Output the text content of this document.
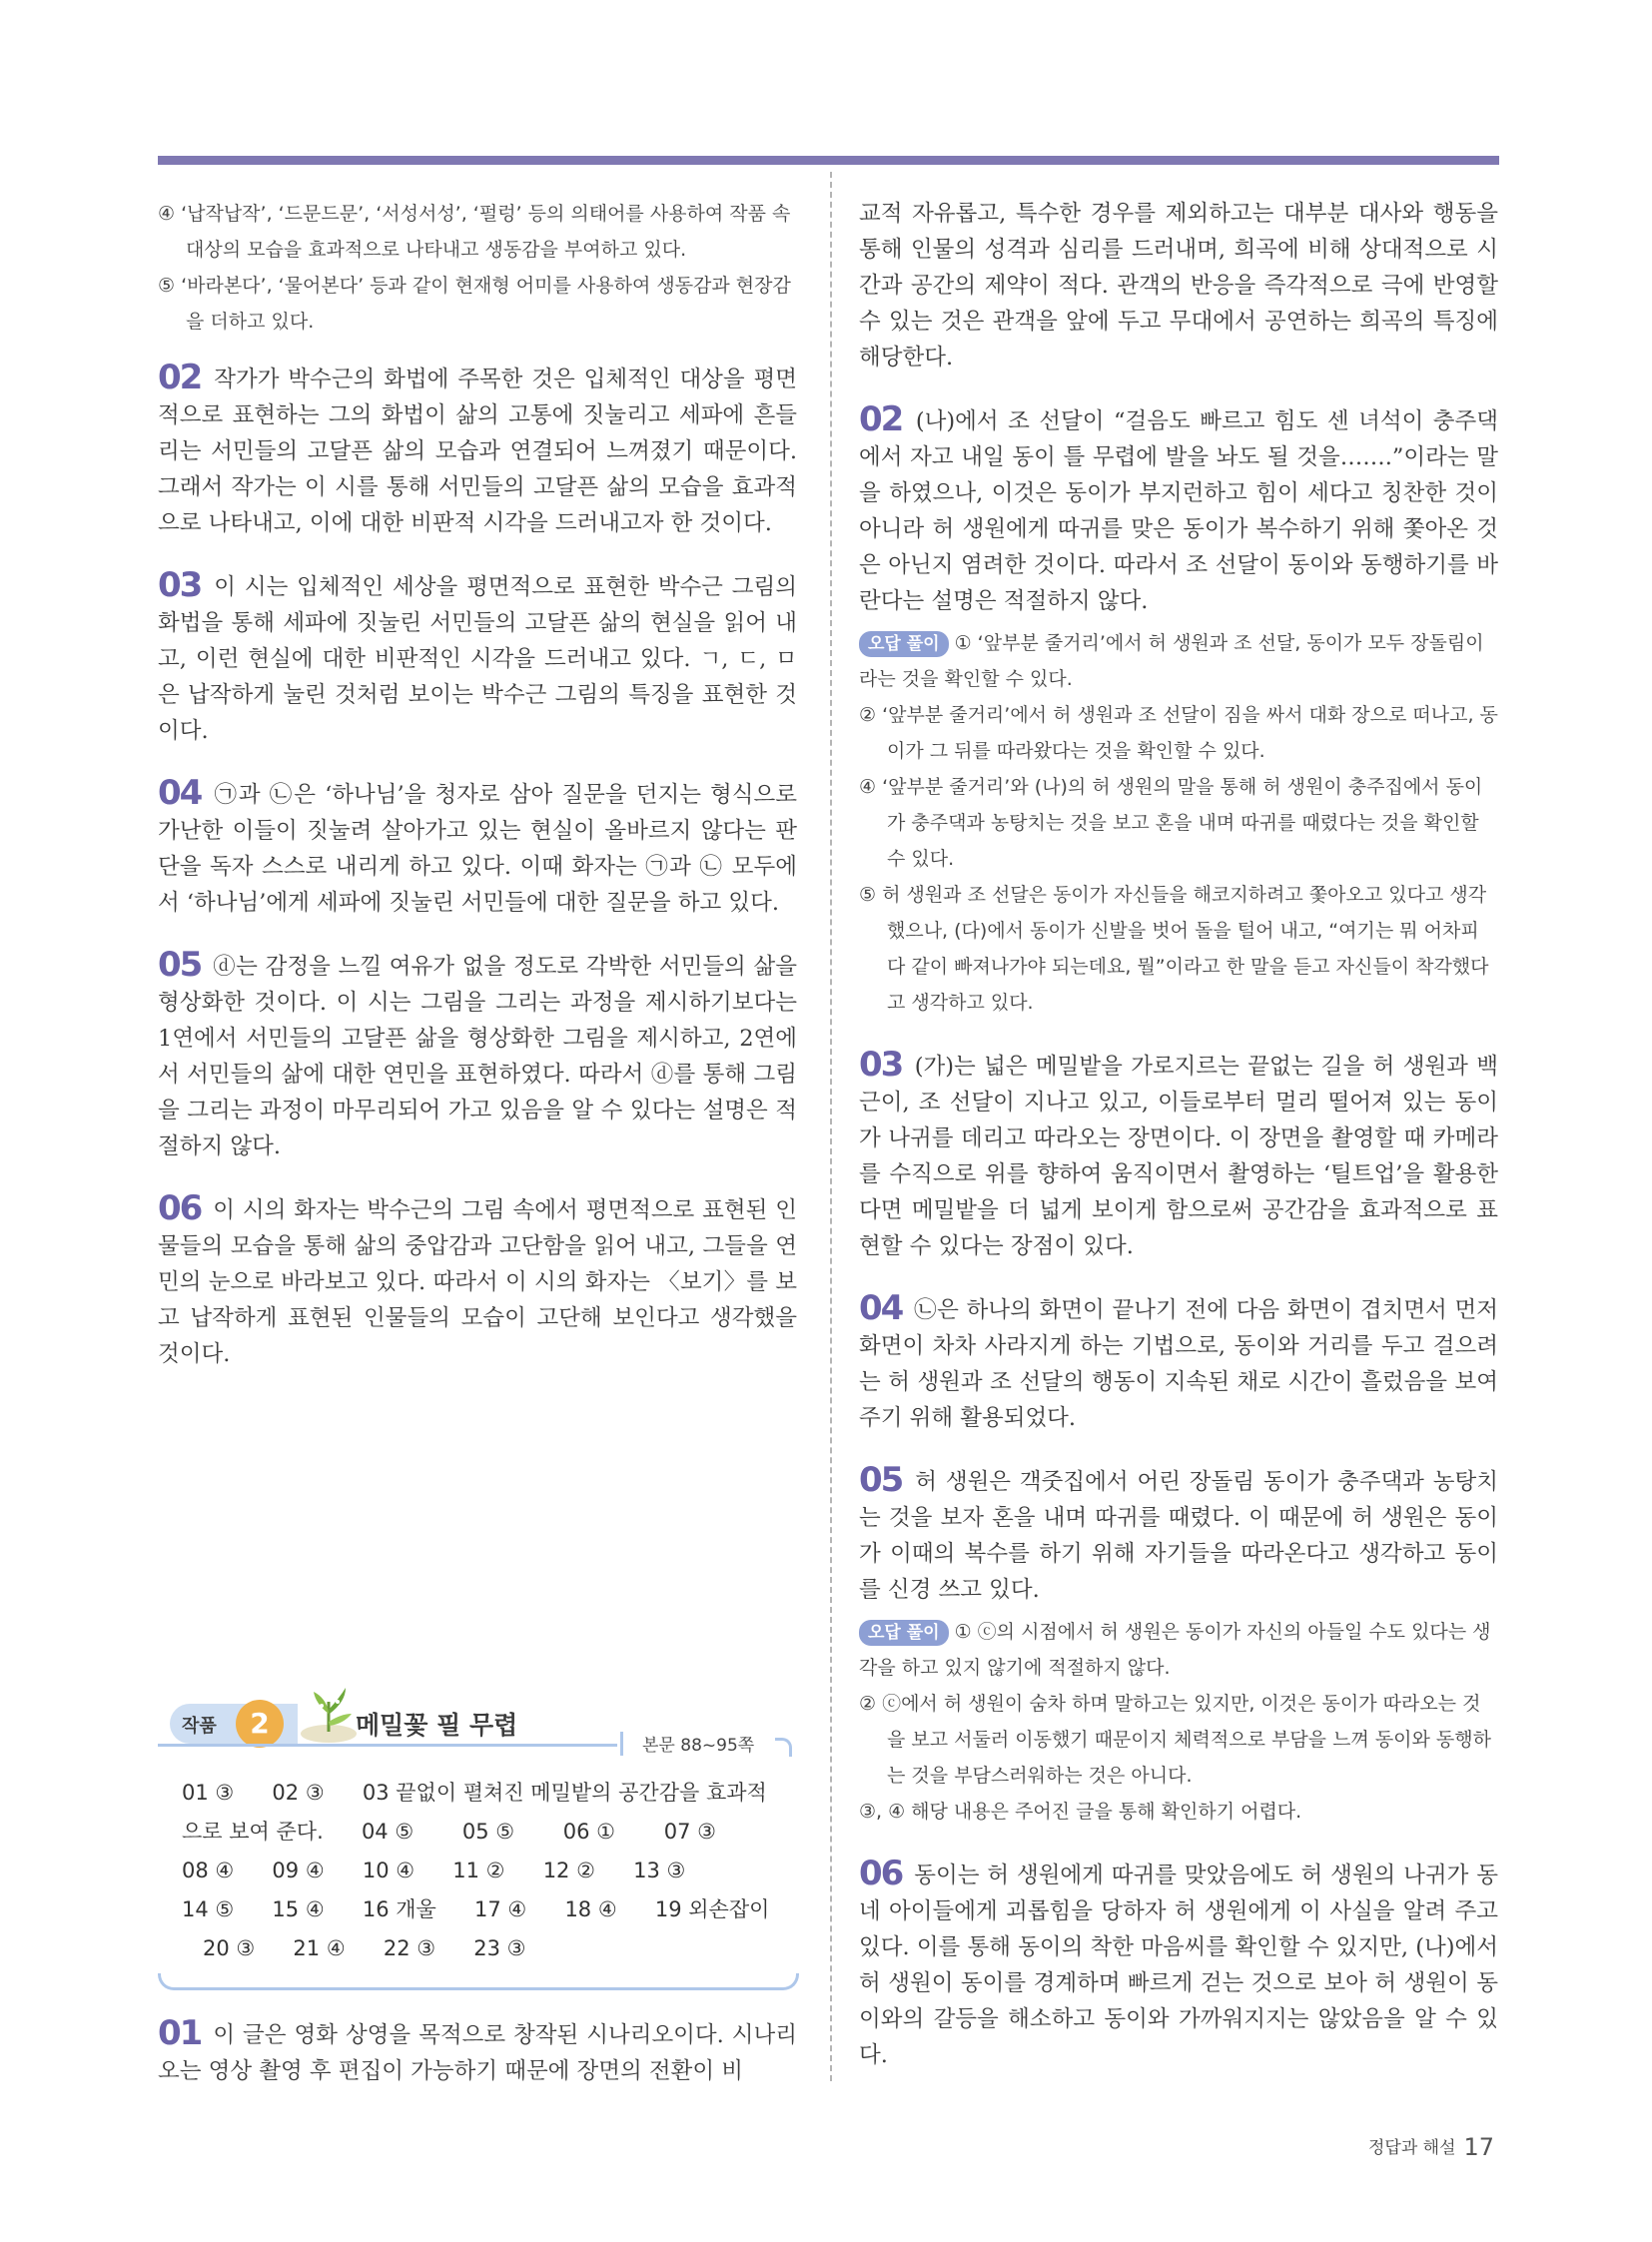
④ ‘납작납작’, ‘드문드문’, ‘서성서성’, ‘펄렁’ 등의 의태어를 사용하여 작품 속 대상의 모습을 효과적으로 나타내고 생동감을 부여하고 있다.

⑤ ‘바라본다’, ‘물어본다’ 등과 같이 현재형 어미를 사용하여 생동감과 현장감을 더하고 있다.

02 작가가 박수근의 화법에 주목한 것은 입체적인 대상을 평면적으로 표현하는 그의 화법이 삶의 고통에 짓눌리고 세파에 흔들리는 서민들의 고달픈 삶의 모습과 연결되어 느껴졌기 때문이다. 그래서 작가는 이 시를 통해 서민들의 고달픈 삶의 모습을 효과적으로 나타내고, 이에 대한 비판적 시각을 드러내고자 한 것이다.

03 이 시는 입체적인 세상을 평면적으로 표현한 박수근 그림의 화법을 통해 세파에 짓눌린 서민들의 고달픈 삶의 현실을 읽어 내고, 이런 현실에 대한 비판적인 시각을 드러내고 있다. ㄱ, ㄷ, ㅁ은 납작하게 눌린 것처럼 보이는 박수근 그림의 특징을 표현한 것이다.

04 ㉠과 ㉡은 ‘하나님’을 청자로 삼아 질문을 던지는 형식으로 가난한 이들이 짓눌려 살아가고 있는 현실이 올바르지 않다는 판단을 독자 스스로 내리게 하고 있다. 이때 화자는 ㉠과 ㉡ 모두에서 ‘하나님’에게 세파에 짓눌린 서민들에 대한 질문을 하고 있다.

05 ⓓ는 감정을 느낄 여유가 없을 정도로 각박한 서민들의 삶을 형상화한 것이다. 이 시는 그림을 그리는 과정을 제시하기보다는 1연에서 서민들의 고달픈 삶을 형상화한 그림을 제시하고, 2연에서 서민들의 삶에 대한 연민을 표현하였다. 따라서 ⓓ를 통해 그림을 그리는 과정이 마무리되어 가고 있음을 알 수 있다는 설명은 적절하지 않다.

06 이 시의 화자는 박수근의 그림 속에서 평면적으로 표현된 인물들의 모습을 통해 삶의 중압감과 고단함을 읽어 내고, 그들을 연민의 눈으로 바라보고 있다. 따라서 이 시의 화자는 〈보기〉를 보고 납작하게 표현된 인물들의 모습이 고단해 보인다고 생각했을 것이다.

작품	2	메밀꽃 필 무렵
본문 88~95쪽
01 ③   02 ③   03 끝없이 펼쳐진 메밀밭의 공간감을 효과적으로 보여 준다.    04 ⑤   05 ⑤   06 ①   07 ③
08 ④   09 ④   10 ④   11 ②   12 ②   13 ③
14 ⑤   15 ④   16 개울   17 ④   18 ④   19 외손잡이  20 ③   21 ④   22 ③   23 ③

01 이 글은 영화 상영을 목적으로 창작된 시나리오이다. 시나리오는 영상 촬영 후 편집이 가능하기 때문에 장면의 전환이 비

교적 자유롭고, 특수한 경우를 제외하고는 대부분 대사와 행동을 통해 인물의 성격과 심리를 드러내며, 희곡에 비해 상대적으로 시간과 공간의 제약이 적다. 관객의 반응을 즉각적으로 극에 반영할 수 있는 것은 관객을 앞에 두고 무대에서 공연하는 희곡의 특징에 해당한다.

02 (나)에서 조 선달이 “걸음도 빠르고 힘도 센 녀석이 충주댁에서 자고 내일 동이 틀 무렵에 발을 놔도 될 것을…….”이라는 말을 하였으나, 이것은 동이가 부지런하고 힘이 세다고 칭찬한 것이 아니라 허 생원에게 따귀를 맞은 동이가 복수하기 위해 쫓아온 것은 아닌지 염려한 것이다. 따라서 조 선달이 동이와 동행하기를 바란다는 설명은 적절하지 않다.

오답 풀이 ① ‘앞부분 줄거리’에서 허 생원과 조 선달, 동이가 모두 장돌림이라는 것을 확인할 수 있다.

② ‘앞부분 줄거리’에서 허 생원과 조 선달이 짐을 싸서 대화 장으로 떠나고, 동이가 그 뒤를 따라왔다는 것을 확인할 수 있다.

④ ‘앞부분 줄거리’와 (나)의 허 생원의 말을 통해 허 생원이 충주집에서 동이가 충주댁과 농탕치는 것을 보고 혼을 내며 따귀를 때렸다는 것을 확인할 수 있다.

⑤ 허 생원과 조 선달은 동이가 자신들을 해코지하려고 쫓아오고 있다고 생각했으나, (다)에서 동이가 신발을 벗어 돌을 털어 내고, “여기는 뭐 어차피 다 같이 빠져나가야 되는데요, 뭘”이라고 한 말을 듣고 자신들이 착각했다고 생각하고 있다.

03 (가)는 넓은 메밀밭을 가로지르는 끝없는 길을 허 생원과 백근이, 조 선달이 지나고 있고, 이들로부터 멀리 떨어져 있는 동이가 나귀를 데리고 따라오는 장면이다. 이 장면을 촬영할 때 카메라를 수직으로 위를 향하여 움직이면서 촬영하는 ‘틸트업’을 활용한다면 메밀밭을 더 넓게 보이게 함으로써 공간감을 효과적으로 표현할 수 있다는 장점이 있다.

04 ㉡은 하나의 화면이 끝나기 전에 다음 화면이 겹치면서 먼저 화면이 차차 사라지게 하는 기법으로, 동이와 거리를 두고 걸으려는 허 생원과 조 선달의 행동이 지속된 채로 시간이 흘렀음을 보여 주기 위해 활용되었다.

05 허 생원은 객줏집에서 어린 장돌림 동이가 충주댁과 농탕치는 것을 보자 혼을 내며 따귀를 때렸다. 이 때문에 허 생원은 동이가 이때의 복수를 하기 위해 자기들을 따라온다고 생각하고 동이를 신경 쓰고 있다.

오답 풀이 ① ⓒ의 시점에서 허 생원은 동이가 자신의 아들일 수도 있다는 생각을 하고 있지 않기에 적절하지 않다.

② ⓒ에서 허 생원이 숨차 하며 말하고는 있지만, 이것은 동이가 따라오는 것을 보고 서둘러 이동했기 때문이지 체력적으로 부담을 느껴 동이와 동행하는 것을 부담스러워하는 것은 아니다.

③, ④ 해당 내용은 주어진 글을 통해 확인하기 어렵다.

06 동이는 허 생원에게 따귀를 맞았음에도 허 생원의 나귀가 동네 아이들에게 괴롭힘을 당하자 허 생원에게 이 사실을 알려 주고 있다. 이를 통해 동이의 착한 마음씨를 확인할 수 있지만, (나)에서 허 생원이 동이를 경계하며 빠르게 걷는 것으로 보아 허 생원이 동이와의 갈등을 해소하고 동이와 가까워지지는 않았음을 알 수 있다.

정답과 해설 17
